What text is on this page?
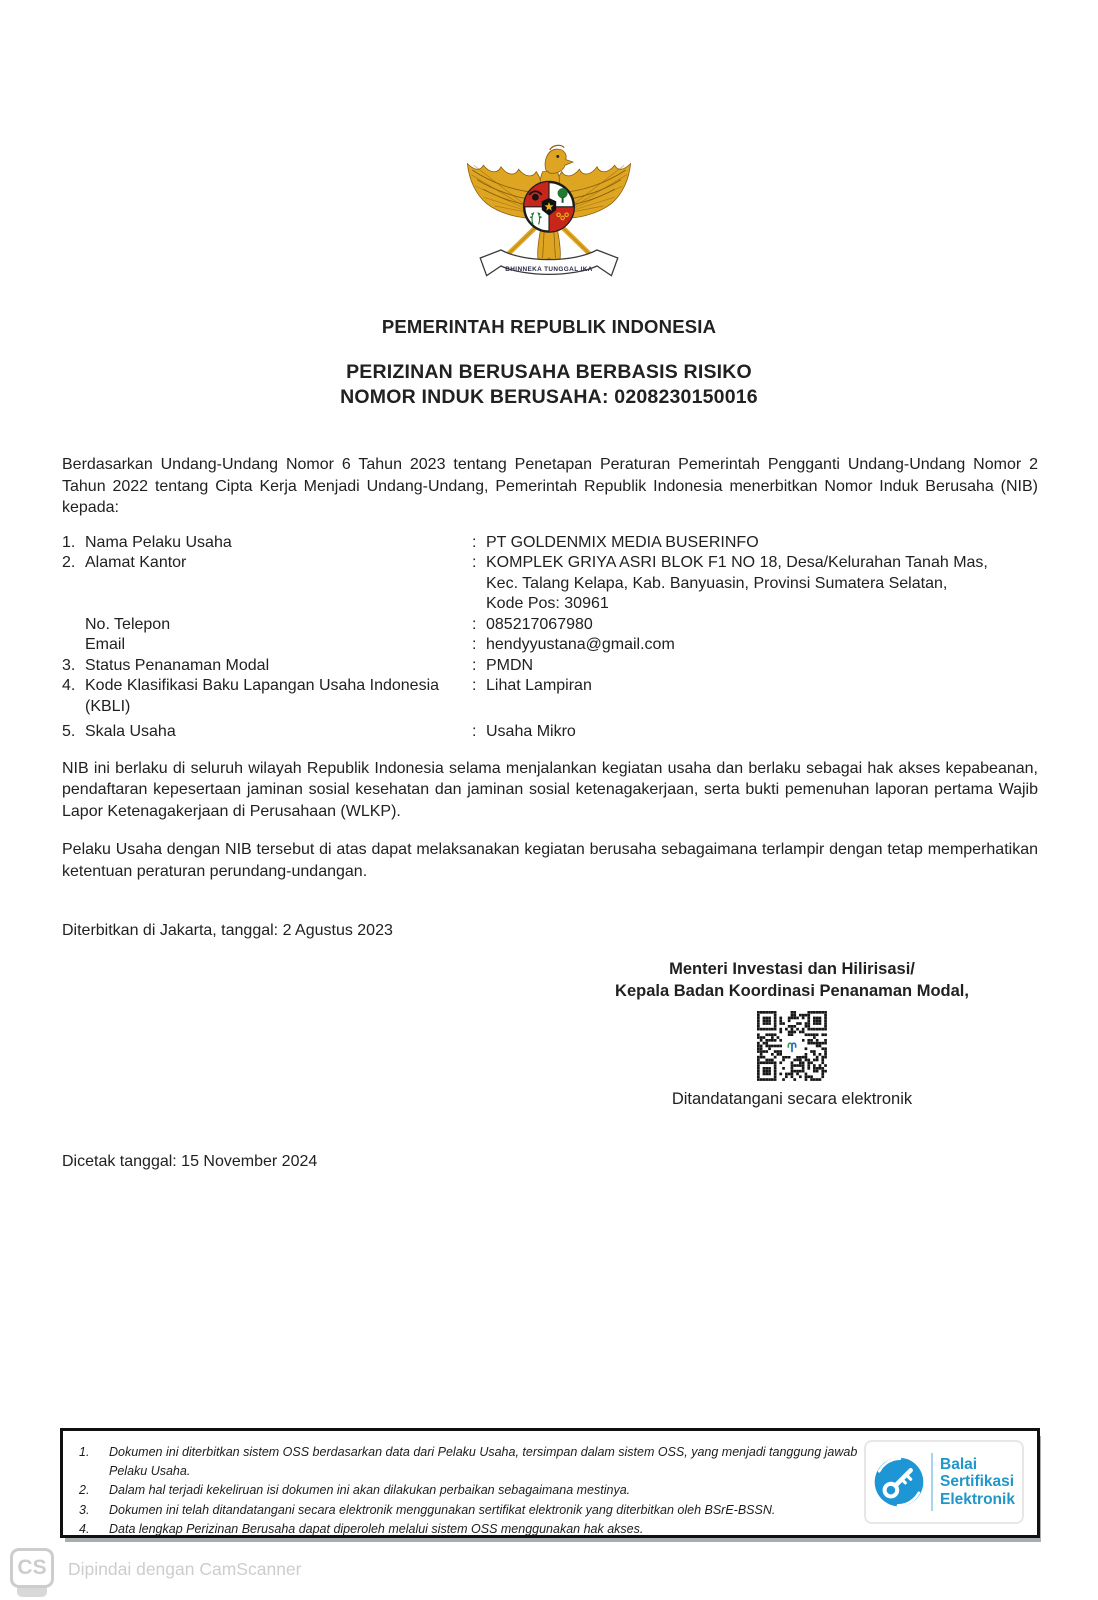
BHINNEKA TUNGGAL IKA
PEMERINTAH REPUBLIK INDONESIA
PERIZINAN BERUSAHA BERBASIS RISIKO
NOMOR INDUK BERUSAHA: 0208230150016
Berdasarkan Undang-Undang Nomor 6 Tahun 2023 tentang Penetapan Peraturan Pemerintah Pengganti Undang-Undang Nomor 2 Tahun 2022 tentang Cipta Kerja Menjadi Undang-Undang, Pemerintah Republik Indonesia menerbitkan Nomor Induk Berusaha (NIB) kepada:
1. Nama Pelaku Usaha	: PT GOLDENMIX MEDIA BUSERINFO
2. Alamat Kantor	: KOMPLEK GRIYA ASRI BLOK F1 NO 18, Desa/Kelurahan Tanah Mas,
Kec. Talang Kelapa, Kab. Banyuasin, Provinsi Sumatera Selatan,
Kode Pos: 30961
No. Telepon	: 085217067980
Email	: hendyyustana@gmail.com
3. Status Penanaman Modal	: PMDN
4. Kode Klasifikasi Baku Lapangan Usaha Indonesia
(KBLI)
: Lihat Lampiran
5. Skala Usaha	: Usaha Mikro
NIB ini berlaku di seluruh wilayah Republik Indonesia selama menjalankan kegiatan usaha dan berlaku sebagai hak akses kepabeanan, pendaftaran kepesertaan jaminan sosial kesehatan dan jaminan sosial ketenagakerjaan, serta bukti pemenuhan laporan pertama Wajib Lapor Ketenagakerjaan di Perusahaan (WLKP).
Pelaku Usaha dengan NIB tersebut di atas dapat melaksanakan kegiatan berusaha sebagaimana terlampir dengan tetap memperhatikan ketentuan peraturan perundang-undangan.
Diterbitkan di Jakarta, tanggal: 2 Agustus 2023
Menteri Investasi dan Hilirisasi/
Kepala Badan Koordinasi Penanaman Modal,
Ditandatangani secara elektronik
Dicetak tanggal: 15 November 2024
1.	Dokumen ini diterbitkan sistem OSS berdasarkan data dari Pelaku Usaha, tersimpan dalam sistem OSS, yang menjadi tanggung jawab Pelaku Usaha.
2.	Dalam hal terjadi kekeliruan isi dokumen ini akan dilakukan perbaikan sebagaimana mestinya.
3.	Dokumen ini telah ditandatangani secara elektronik menggunakan sertifikat elektronik yang diterbitkan oleh BSrE-BSSN.
4.	Data lengkap Perizinan Berusaha dapat diperoleh melalui sistem OSS menggunakan hak akses.
Balai
Sertifikasi
Elektronik
CS	Dipindai dengan CamScanner
